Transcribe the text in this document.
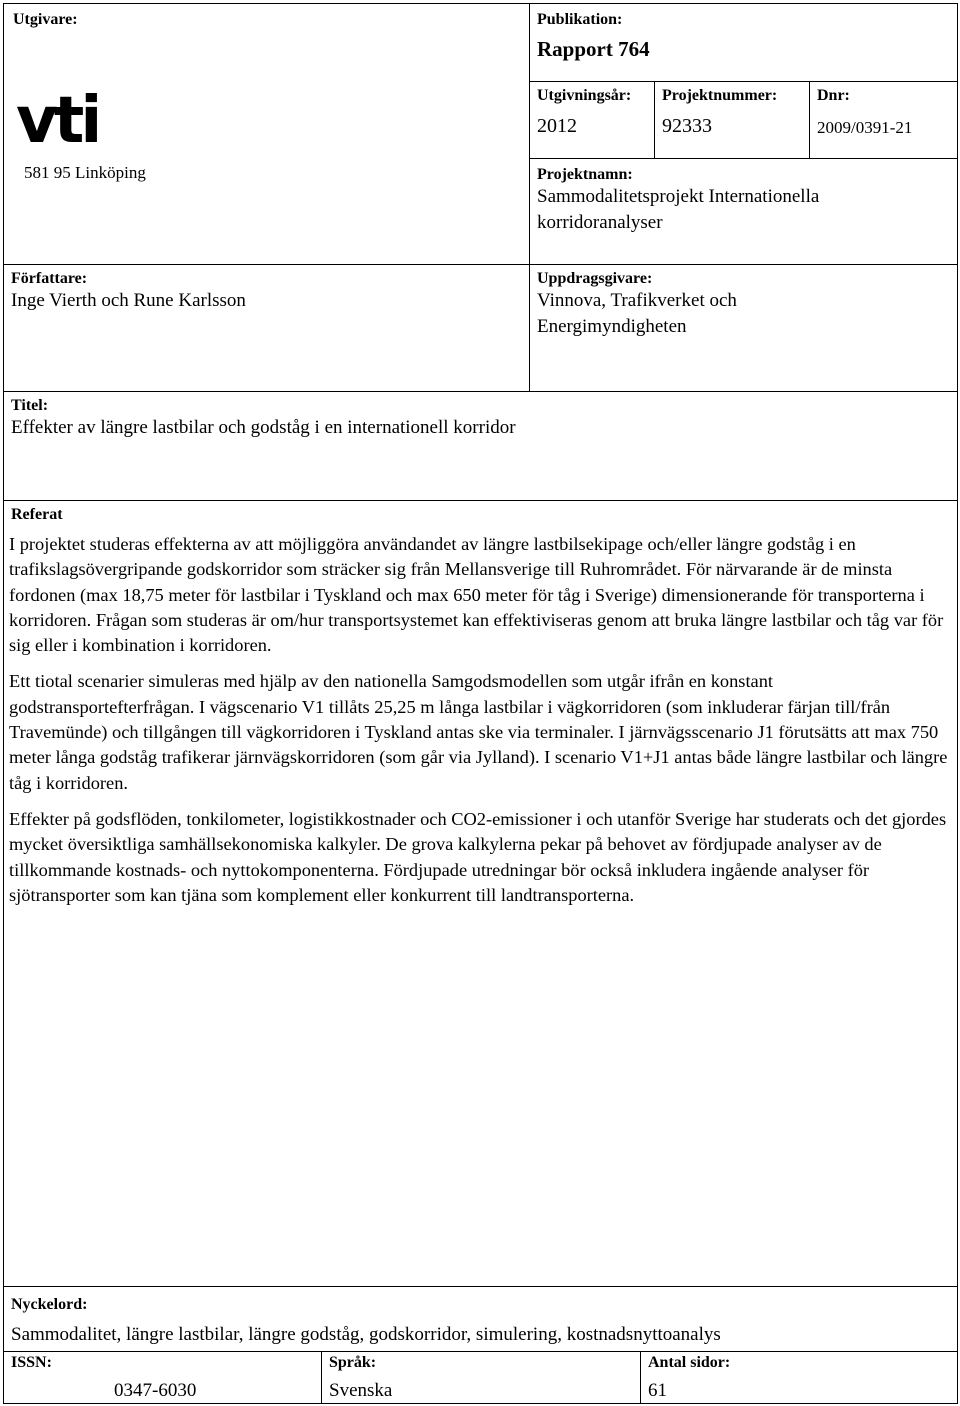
Utgivare:
vti
581 95 Linköping
Publikation:
Rapport 764
Utgivningsår:
2012
Projektnummer:
92333
Dnr:
2009/0391-21
Projektnamn:
Sammodalitetsprojekt Internationella korridoranalyser
Författare:
Inge Vierth och Rune Karlsson
Uppdragsgivare:
Vinnova, Trafikverket och Energimyndigheten
Titel:
Effekter av längre lastbilar och godståg i en internationell korridor
Referat

I projektet studeras effekterna av att möjliggöra användandet av längre lastbilsekipage och/eller längre godståg i en trafikslagsövergripande godskorridor som sträcker sig från Mellansverige till Ruhrområdet. För närvarande är de minsta fordonen (max 18,75 meter för lastbilar i Tyskland och max 650 meter för tåg i Sverige) dimensionerande för transporterna i korridoren. Frågan som studeras är om/hur transportsystemet kan effektiviseras genom att bruka längre lastbilar och tåg var för sig eller i kombination i korridoren.

Ett tiotal scenarier simuleras med hjälp av den nationella Samgodsmodellen som utgår ifrån en konstant godstransportefterfrågan. I vägscenario V1 tillåts 25,25 m långa lastbilar i vägkorridoren (som inkluderar färjan till/från Travemünde) och tillgången till vägkorridoren i Tyskland antas ske via terminaler. I järnvägsscenario J1 förutsätts att max 750 meter långa godståg trafikerar järnvägskorridoren (som går via Jylland). I scenario V1+J1 antas både längre lastbilar och längre tåg i korridoren.

Effekter på godsflöden, tonkilometer, logistikkostnader och CO2-emissioner i och utanför Sverige har studerats och det gjordes mycket översiktliga samhällsekonomiska kalkyler. De grova kalkylerna pekar på behovet av fördjupade analyser av de tillkommande kostnads- och nyttokomponenterna. Fördjupade utredningar bör också inkludera ingående analyser för sjötransporter som kan tjäna som komplement eller konkurrent till landtransporterna.

Nyckelord:
Sammodalitet, längre lastbilar, längre godståg, godskorridor, simulering, kostnadsnyttoanalys
ISSN:
0347-6030
Språk:
Svenska
Antal sidor:
61
